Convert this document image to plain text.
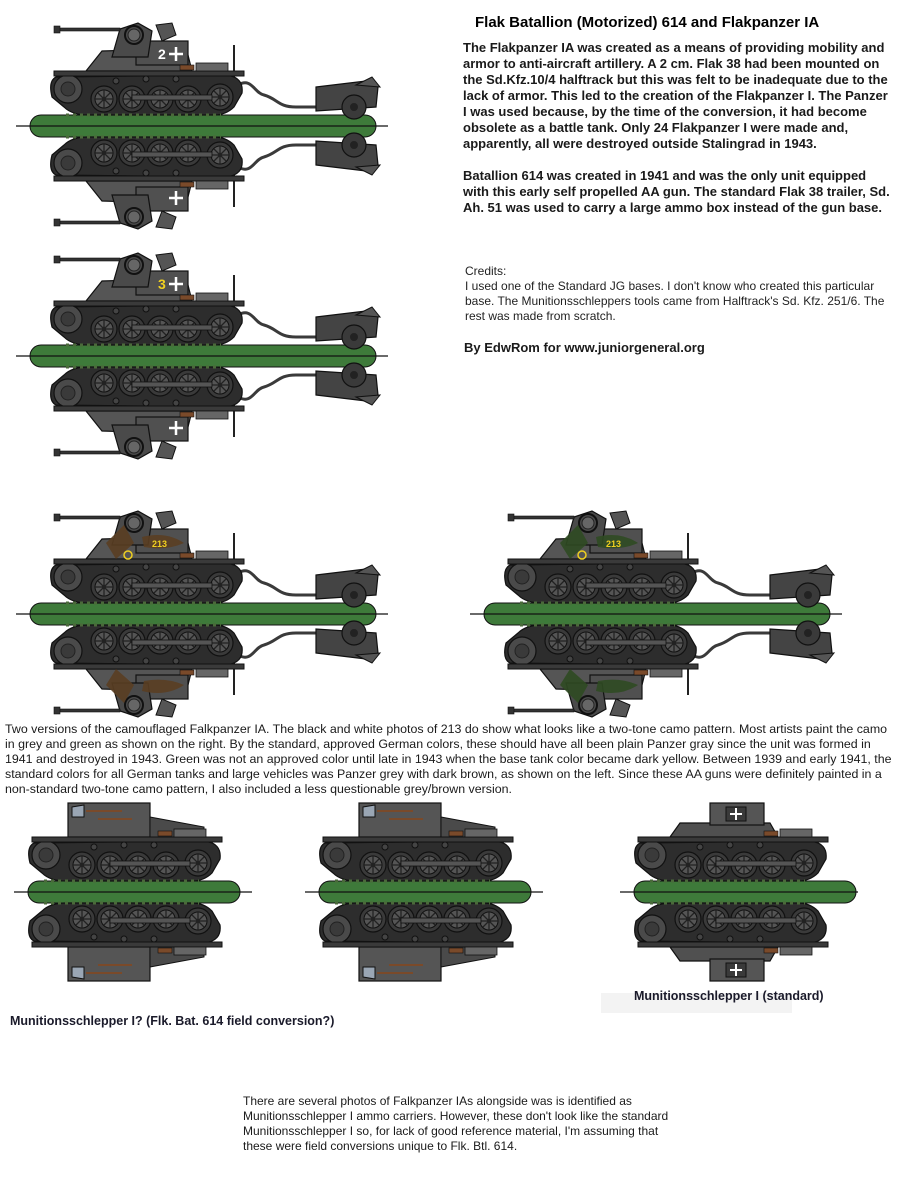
2
3
213	213
Flak Batallion (Motorized) 614 and Flakpanzer IA

The Flakpanzer IA was created as a means of providing mobility and armor to anti-aircraft artillery. A 2 cm. Flak 38 had been mounted on the Sd.Kfz.10/4 halftrack but this was felt to be inadequate due to the lack of armor. This led to the creation of the Flakpanzer I. The Panzer I was used because, by the time of the conversion, it had become obsolete as a battle tank. Only 24 Flakpanzer I were made and, apparently, all were destroyed outside Stalingrad in 1943.

Batallion 614 was created in 1941 and was the only unit equipped with this early self propelled AA gun. The standard Flak 38 trailer, Sd. Ah. 51 was used to carry a large ammo box instead of the gun base.

Credits:
I used one of the Standard JG bases. I don't know who created this particular base. The Munitionsschleppers tools came from Halftrack's Sd. Kfz. 251/6. The rest was made from scratch.
By EdwRom for www.juniorgeneral.org
Two versions of the camouflaged Falkpanzer IA. The black and white photos of 213 do show what looks like a two-tone camo pattern. Most artists paint the camo in grey and green as shown on the right. By the standard, approved German colors, these should have all been plain Panzer gray since the unit was formed in 1941 and destroyed in 1943. Green was not an approved color until late in 1943 when the base tank color became dark yellow. Between 1939 and early 1941, the standard colors for all German tanks and large vehicles was Panzer grey with dark brown, as shown on the left. Since these AA guns were definitely painted in a non-standard two-tone camo pattern, I also included a less questionable grey/brown version.
Munitionsschlepper I (standard)
Munitionsschlepper I? (Flk. Bat. 614 field conversion?)
There are several photos of Falkpanzer IAs alongside was is identified as Munitionsschlepper I ammo carriers. However, these don't look like the standard Munitionsschlepper I so, for lack of good reference material, I'm assuming that these were field conversions unique to Flk. Btl. 614.
